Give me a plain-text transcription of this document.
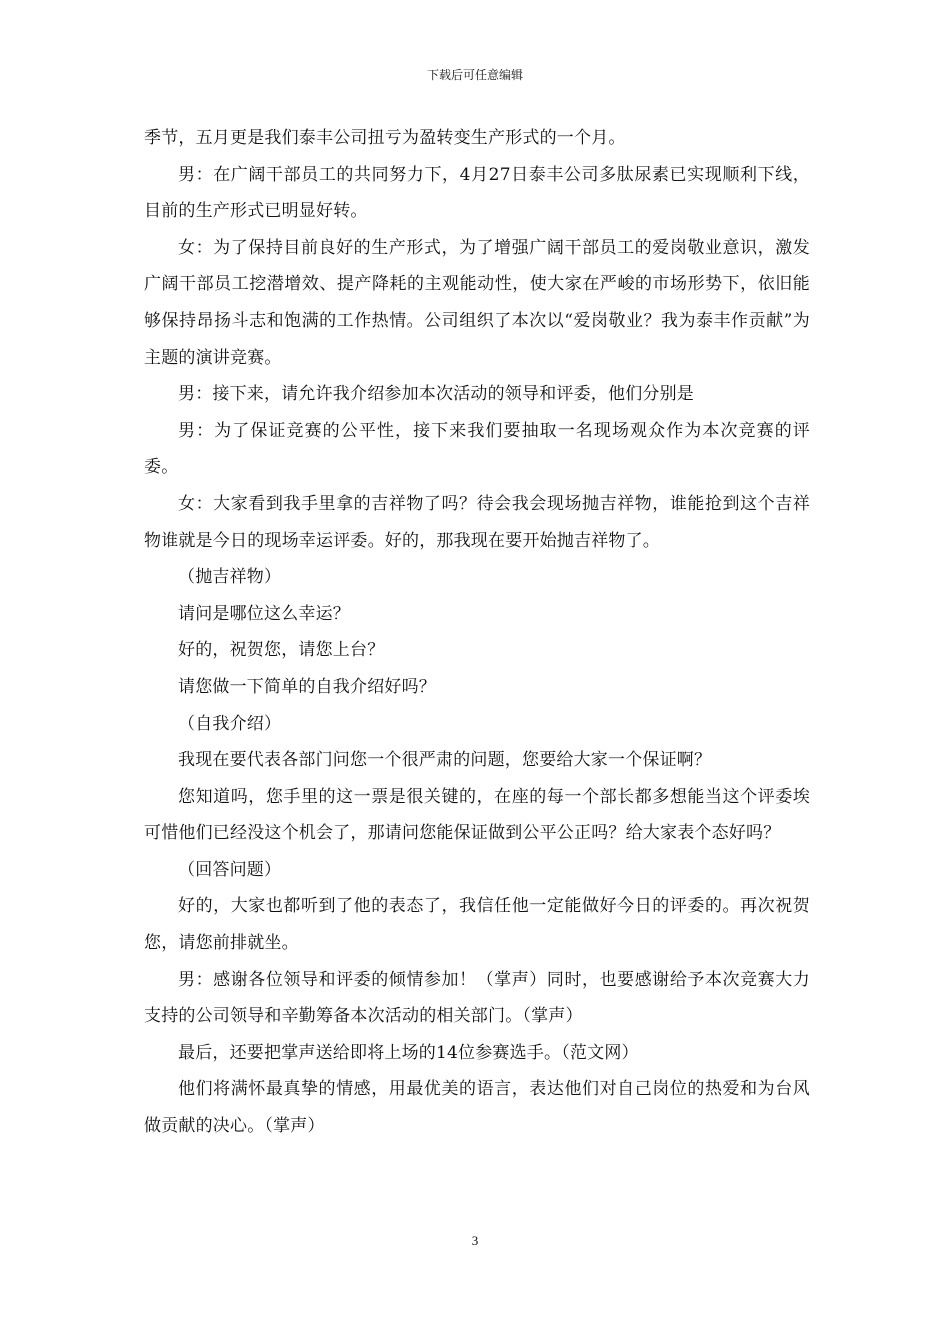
下载后可任意编辑

季节，五月更是我们泰丰公司扭亏为盈转变生产形式的一个月。

男：在广阔干部员工的共同努力下，4月27日泰丰公司多肽尿素已实现顺利下线，目前的生产形式已明显好转。

女：为了保持目前良好的生产形式，为了增强广阔干部员工的爱岗敬业意识，激发广阔干部员工挖潜增效、提产降耗的主观能动性，使大家在严峻的市场形势下，依旧能够保持昂扬斗志和饱满的工作热情。公司组织了本次以“爱岗敬业？我为泰丰作贡献”为主题的演讲竞赛。

男：接下来，请允许我介绍参加本次活动的领导和评委，他们分别是

男：为了保证竞赛的公平性，接下来我们要抽取一名现场观众作为本次竞赛的评委。

女：大家看到我手里拿的吉祥物了吗？待会我会现场抛吉祥物，谁能抢到这个吉祥物谁就是今日的现场幸运评委。好的，那我现在要开始抛吉祥物了。

（抛吉祥物）

请问是哪位这么幸运？

好的，祝贺您，请您上台？

请您做一下简单的自我介绍好吗？

（自我介绍）

我现在要代表各部门问您一个很严肃的问题，您要给大家一个保证啊？

您知道吗，您手里的这一票是很关键的，在座的每一个部长都多想能当这个评委埃可惜他们已经没这个机会了，那请问您能保证做到公平公正吗？给大家表个态好吗？

（回答问题）

好的，大家也都听到了他的表态了，我信任他一定能做好今日的评委的。再次祝贺您，请您前排就坐。

男：感谢各位领导和评委的倾情参加！（掌声）同时，也要感谢给予本次竞赛大力支持的公司领导和辛勤筹备本次活动的相关部门。（掌声）

最后，还要把掌声送给即将上场的14位参赛选手。（范文网）

他们将满怀最真挚的情感，用最优美的语言，表达他们对自己岗位的热爱和为台风做贡献的决心。（掌声）

3
